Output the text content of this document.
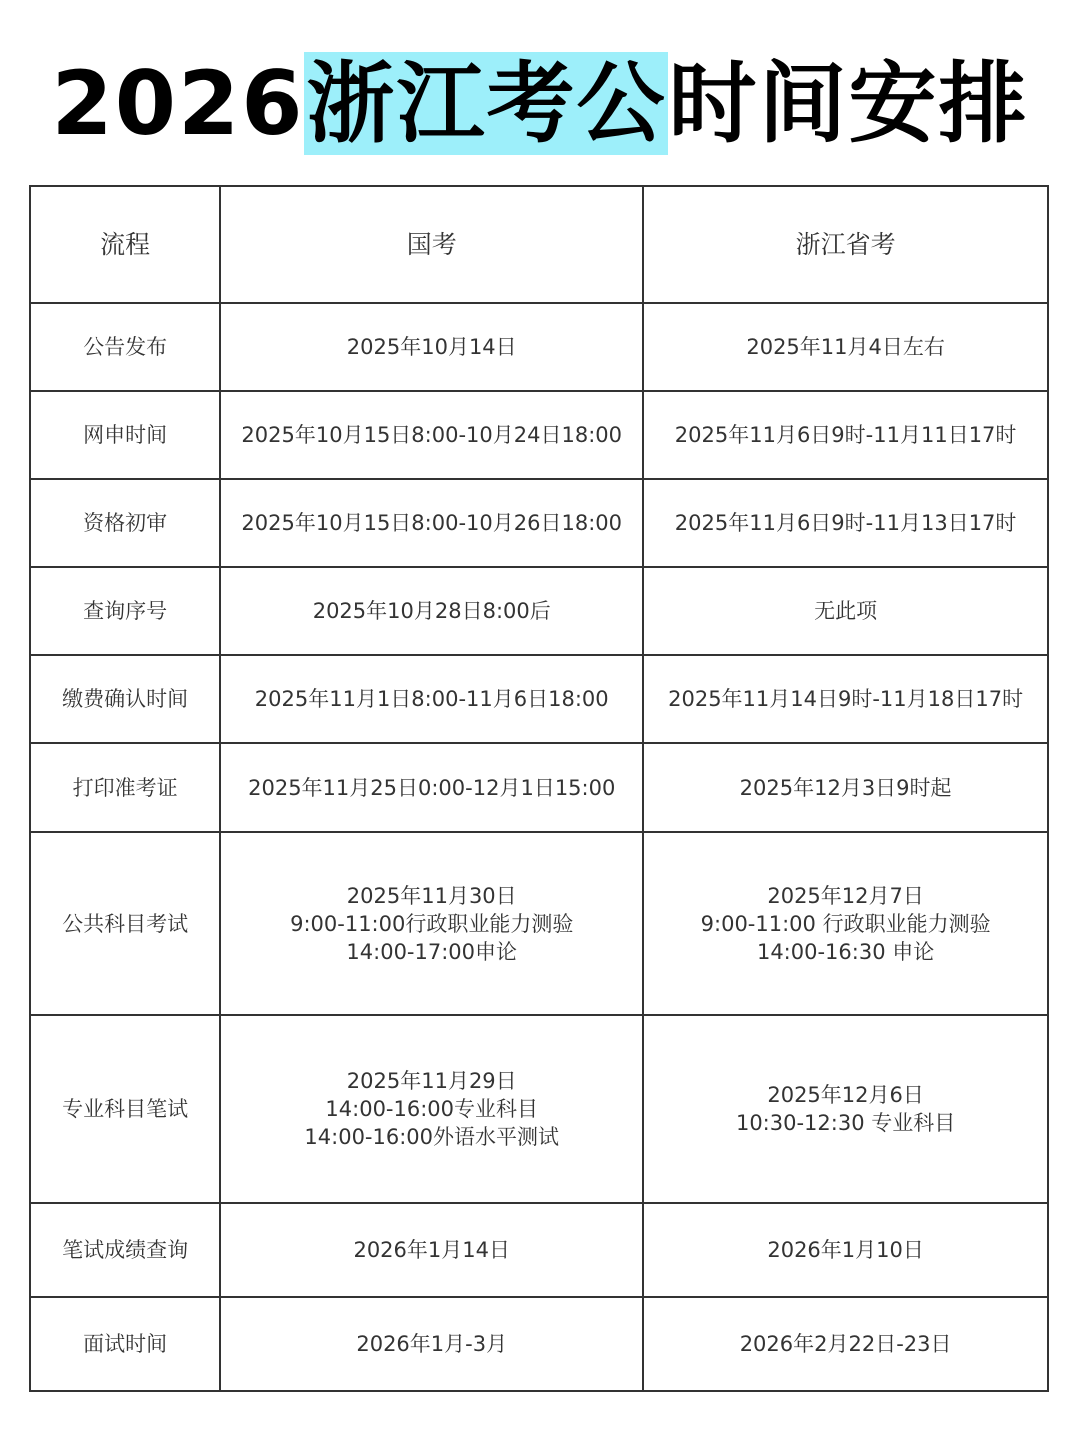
2026浙江考公时间安排
流程	国考	浙江省考
公告发布	2025年10月14日	2025年11月4日左右

网申时间	2025年10月15日8:00-10月24日18:00	2025年11月6日9时-11月11日17时

资格初审	2025年10月15日8:00-10月26日18:00	2025年11月6日9时-11月13日17时

查询序号	2025年10月28日8:00后	无此项

缴费确认时间	2025年11月1日8:00-11月6日18:00	2025年11月14日9时-11月18日17时

打印准考证	2025年11月25日0:00-12月1日15:00	2025年12月3日9时起

公共科目考试	2025年11月30日
9:00-11:00行政职业能力测验
14:00-17:00申论	2025年12月7日
9:00-11:00 行政职业能力测验
14:00-16:30 申论

专业科目笔试	2025年11月29日
14:00-16:00专业科目
14:00-16:00外语水平测试	2025年12月6日
10:30-12:30 专业科目

笔试成绩查询	2026年1月14日	2026年1月10日

面试时间	2026年1月-3月	2026年2月22日-23日
